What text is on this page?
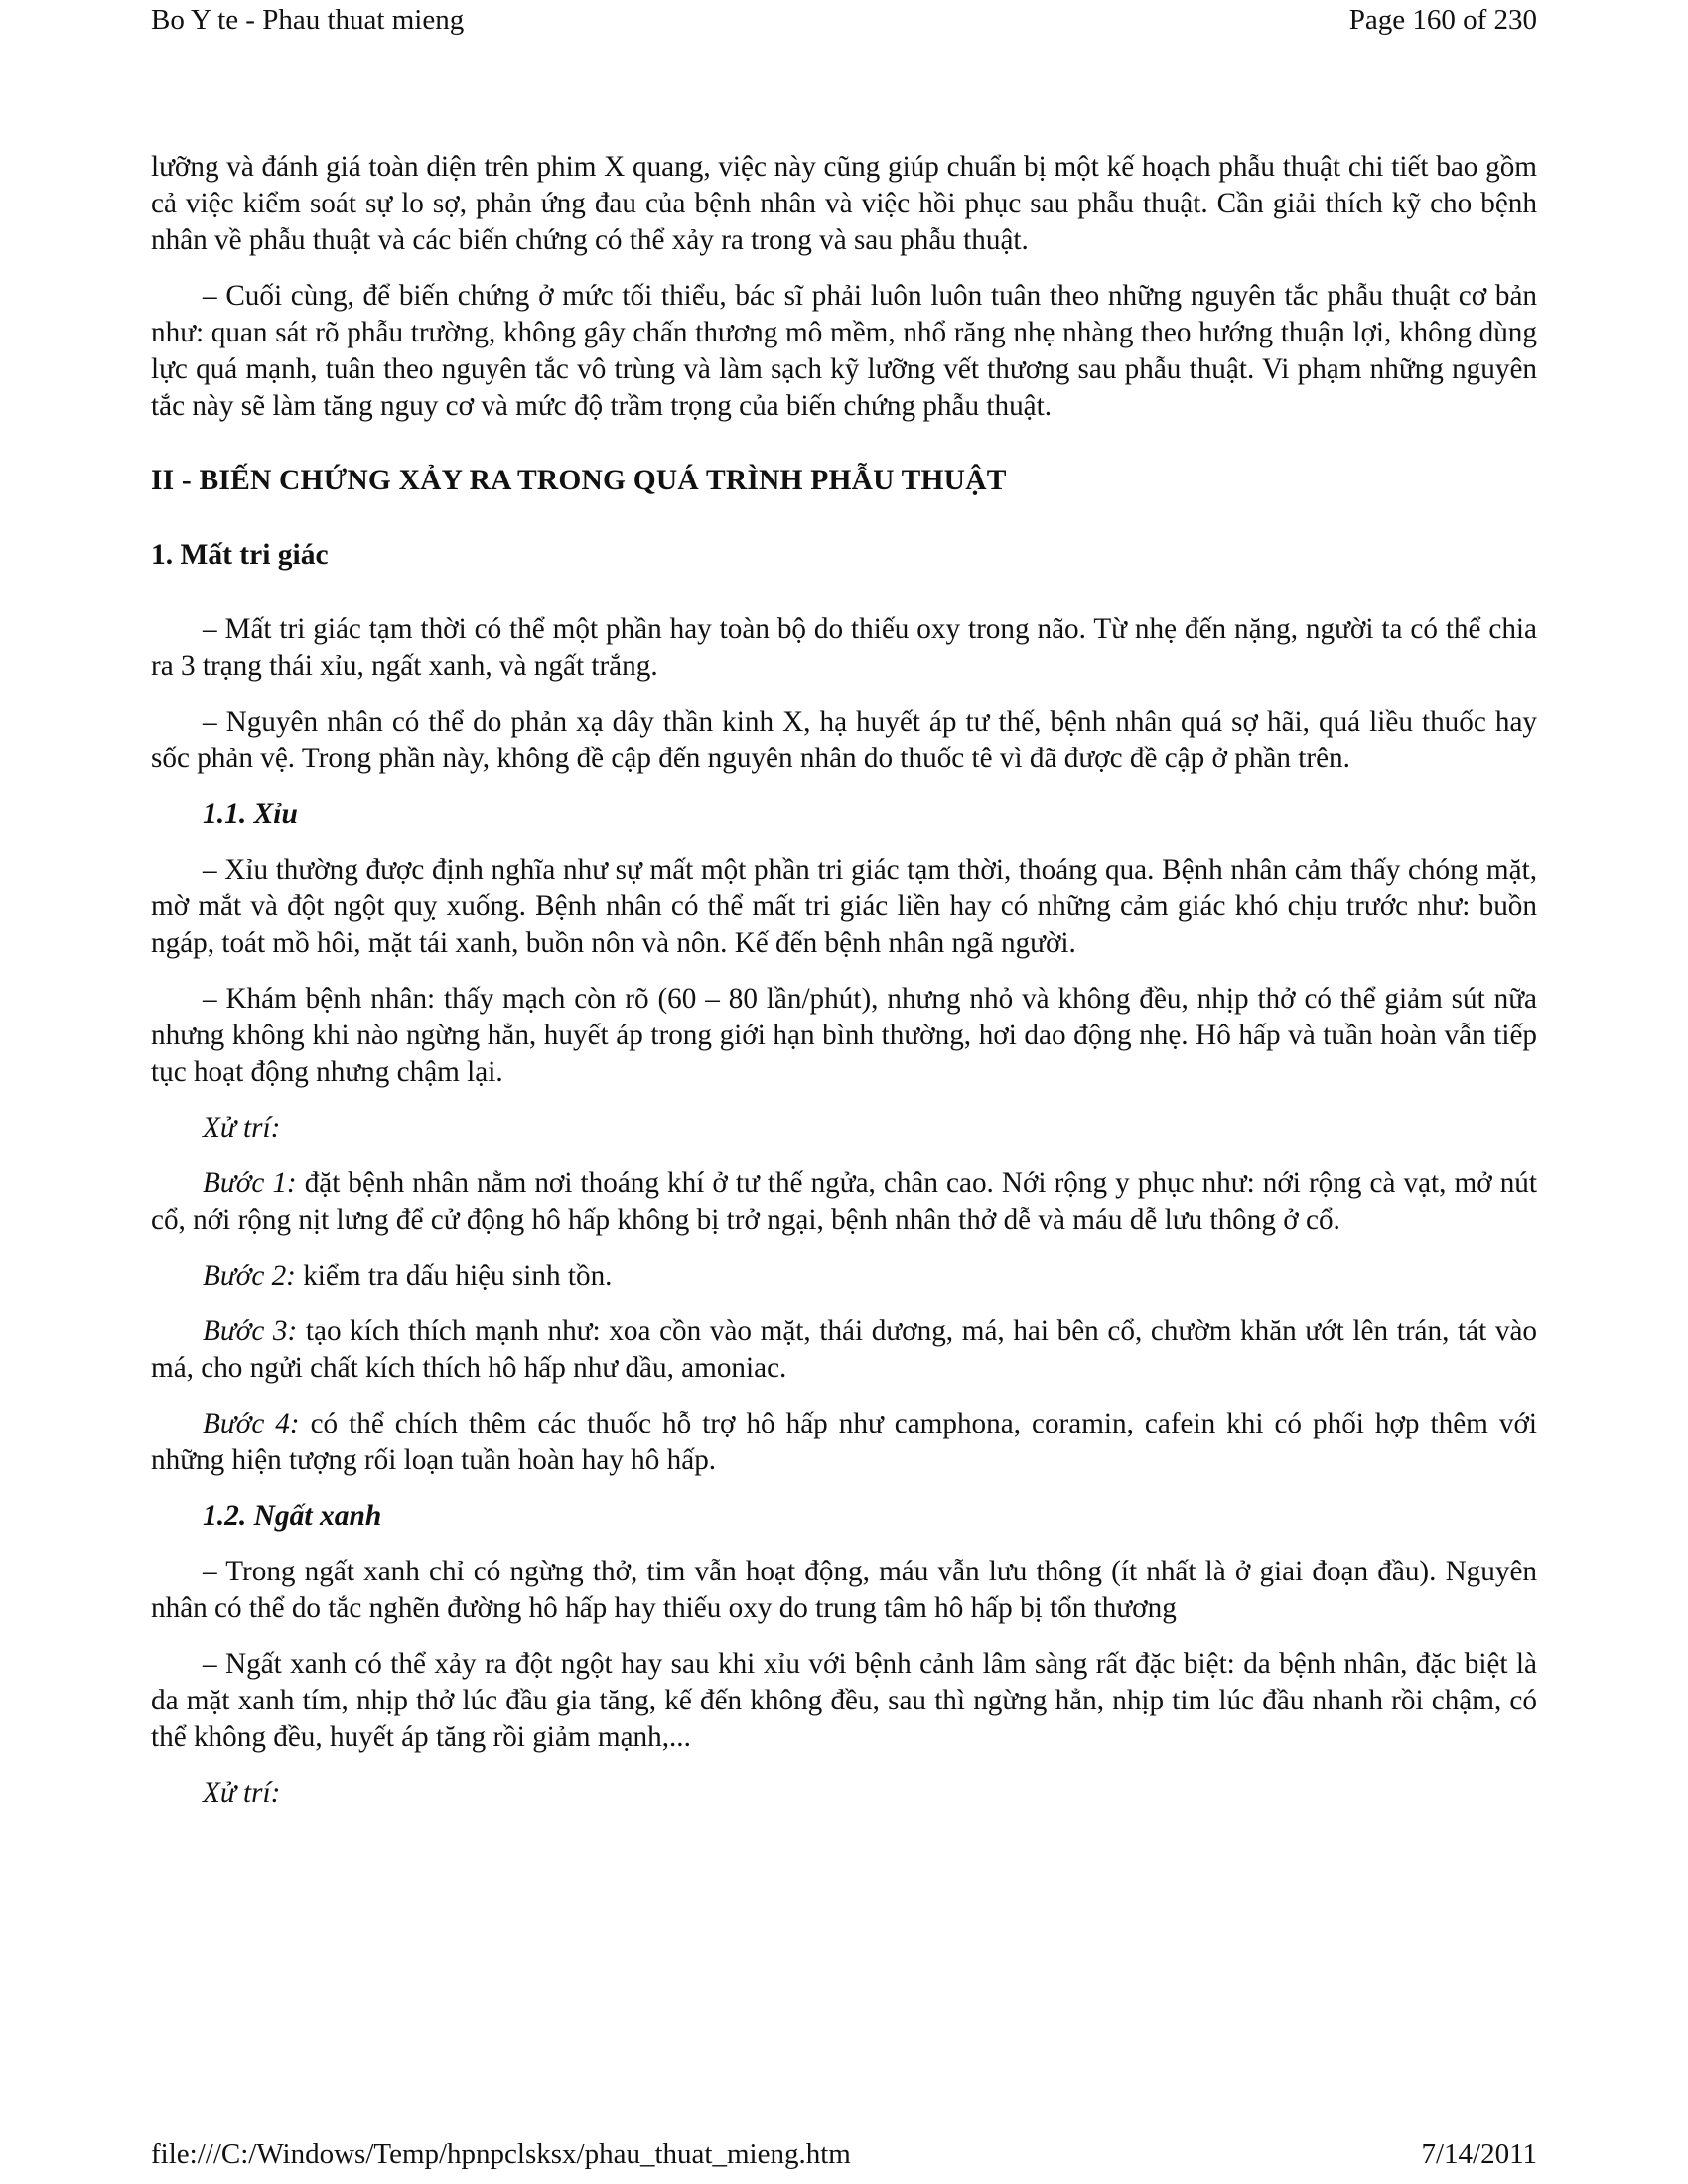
Bo Y te - Phau thuat mieng	Page 160 of 230

lưỡng và đánh giá toàn diện trên phim X quang, việc này cũng giúp chuẩn bị một kế hoạch phẫu thuật chi tiết bao gồm cả việc kiểm soát sự lo sợ, phản ứng đau của bệnh nhân và việc hồi phục sau phẫu thuật. Cần giải thích kỹ cho bệnh nhân về phẫu thuật và các biến chứng có thể xảy ra trong và sau phẫu thuật.

– Cuối cùng, để biến chứng ở mức tối thiểu, bác sĩ phải luôn luôn tuân theo những nguyên tắc phẫu thuật cơ bản như: quan sát rõ phẫu trường, không gây chấn thương mô mềm, nhổ răng nhẹ nhàng theo hướng thuận lợi, không dùng lực quá mạnh, tuân theo nguyên tắc vô trùng và làm sạch kỹ lưỡng vết thương sau phẫu thuật. Vi phạm những nguyên tắc này sẽ làm tăng nguy cơ và mức độ trầm trọng của biến chứng phẫu thuật.

II - BIẾN CHỨNG XẢY RA TRONG QUÁ TRÌNH PHẪU THUẬT
1. Mất tri giác

– Mất tri giác tạm thời có thể một phần hay toàn bộ do thiếu oxy trong não. Từ nhẹ đến nặng, người ta có thể chia ra 3 trạng thái xỉu, ngất xanh, và ngất trắng.

– Nguyên nhân có thể do phản xạ dây thần kinh X, hạ huyết áp tư thế, bệnh nhân quá sợ hãi, quá liều thuốc hay sốc phản vệ. Trong phần này, không đề cập đến nguyên nhân do thuốc tê vì đã được đề cập ở phần trên.

1.1. Xỉu

– Xỉu thường được định nghĩa như sự mất một phần tri giác tạm thời, thoáng qua. Bệnh nhân cảm thấy chóng mặt, mờ mắt và đột ngột quỵ xuống. Bệnh nhân có thể mất tri giác liền hay có những cảm giác khó chịu trước như: buồn ngáp, toát mồ hôi, mặt tái xanh, buồn nôn và nôn. Kế đến bệnh nhân ngã người.

– Khám bệnh nhân: thấy mạch còn rõ (60 – 80 lần/phút), nhưng nhỏ và không đều, nhịp thở có thể giảm sút nữa nhưng không khi nào ngừng hẳn, huyết áp trong giới hạn bình thường, hơi dao động nhẹ. Hô hấp và tuần hoàn vẫn tiếp tục hoạt động nhưng chậm lại.

Xử trí:

Bước 1: đặt bệnh nhân nằm nơi thoáng khí ở tư thế ngửa, chân cao. Nới rộng y phục như: nới rộng cà vạt, mở nút cổ, nới rộng nịt lưng để cử động hô hấp không bị trở ngại, bệnh nhân thở dễ và máu dễ lưu thông ở cổ.

Bước 2: kiểm tra dấu hiệu sinh tồn.

Bước 3: tạo kích thích mạnh như: xoa cồn vào mặt, thái dương, má, hai bên cổ, chườm khăn ướt lên trán, tát vào má, cho ngửi chất kích thích hô hấp như dầu, amoniac.

Bước 4: có thể chích thêm các thuốc hỗ trợ hô hấp như camphona, coramin, cafein khi có phối hợp thêm với những hiện tượng rối loạn tuần hoàn hay hô hấp.

1.2. Ngất xanh

– Trong ngất xanh chỉ có ngừng thở, tim vẫn hoạt động, máu vẫn lưu thông (ít nhất là ở giai đoạn đầu). Nguyên nhân có thể do tắc nghẽn đường hô hấp hay thiếu oxy do trung tâm hô hấp bị tổn thương

– Ngất xanh có thể xảy ra đột ngột hay sau khi xỉu với bệnh cảnh lâm sàng rất đặc biệt: da bệnh nhân, đặc biệt là da mặt xanh tím, nhịp thở lúc đầu gia tăng, kế đến không đều, sau thì ngừng hẳn, nhịp tim lúc đầu nhanh rồi chậm, có thể không đều, huyết áp tăng rồi giảm mạnh,...

Xử trí:

file:///C:/Windows/Temp/hpnpclsksx/phau_thuat_mieng.htm	7/14/2011
